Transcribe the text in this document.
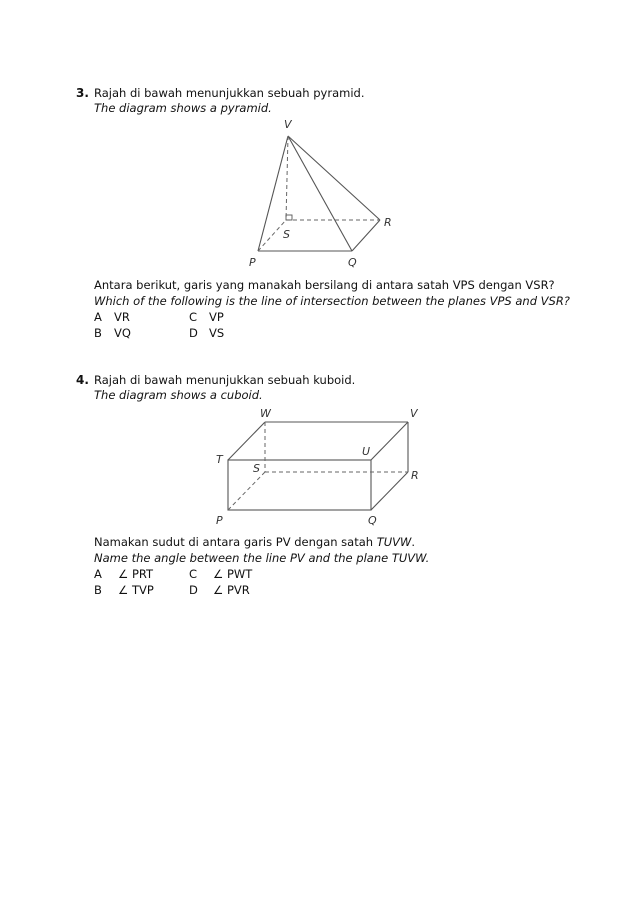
3. Rajah di bawah menunjukkan sebuah pyramid.
The diagram shows a pyramid.
V
S
R
P	Q
Antara berikut, garis yang manakah bersilang di antara satah VPS dengan VSR?
Which of the following is the line of intersection between the planes VPS and VSR?
A VR	C VP
B VQ	D VS
4. Rajah di bawah menunjukkan sebuah kuboid.
The diagram shows a cuboid.
W	V
T
U
S
R
P	Q
Namakan sudut di antara garis PV dengan satah TUVW.
Name the angle between the line PV and the plane TUVW.
A ∠ PRT	C ∠ PWT
B ∠ TVP	D ∠ PVR
